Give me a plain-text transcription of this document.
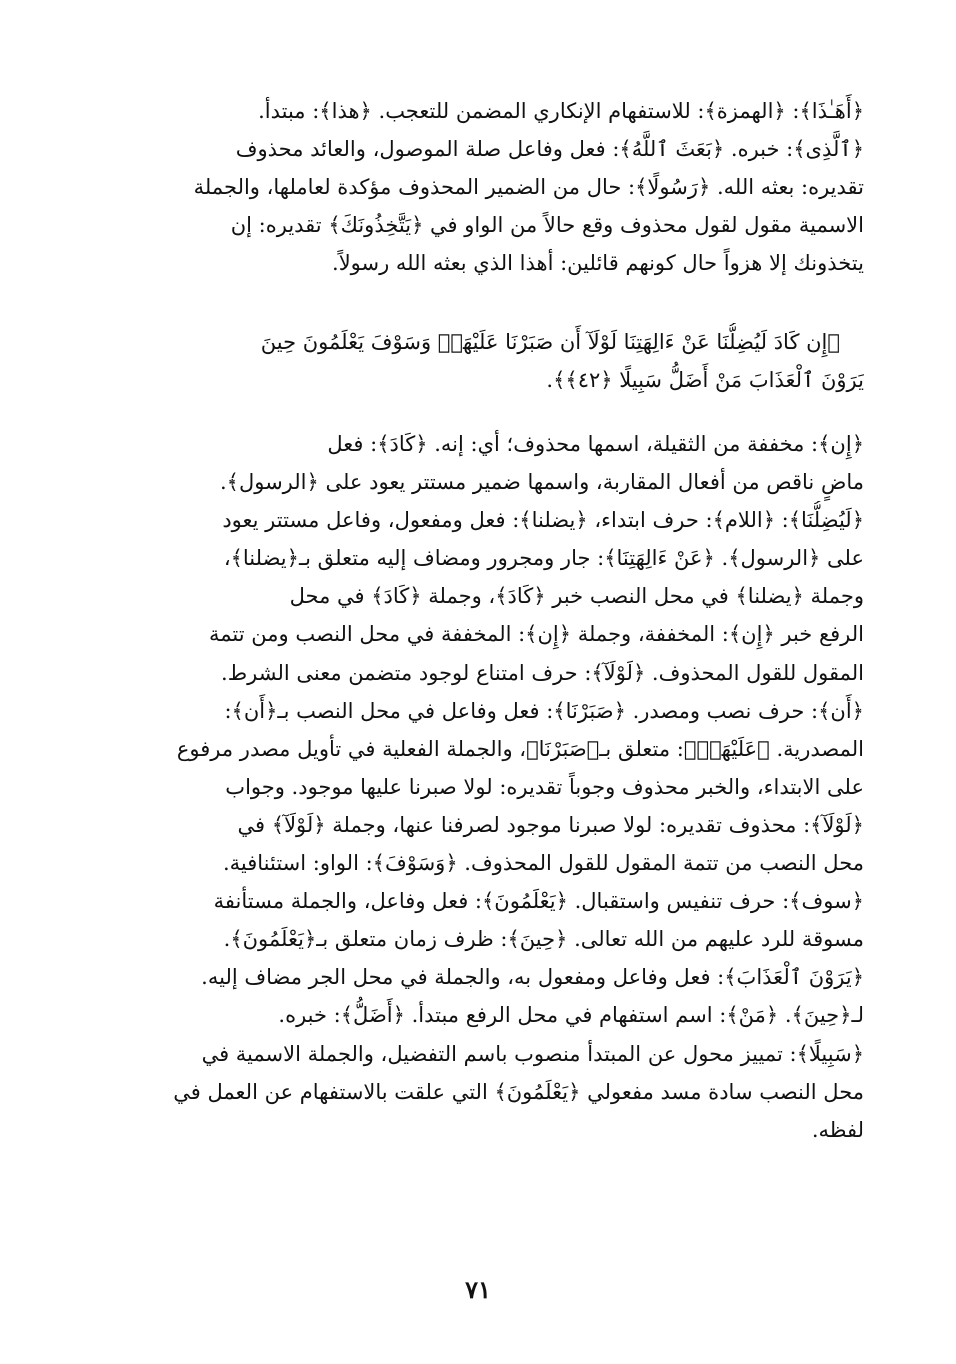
﴿أَهَـٰذَا﴾: ﴿الهمزة﴾: للاستفهام الإنكاري المضمن للتعجب. ﴿هذا﴾: مبتدأ.
﴿ٱلَّذِى﴾: خبره. ﴿بَعَثَ ٱللَّهُ﴾: فعل وفاعل صلة الموصول، والعائد محذوف
تقديره: بعثه الله. ﴿رَسُولًا﴾: حال من الضمير المحذوف مؤكدة لعاملها، والجملة
الاسمية مقول لقول محذوف وقع حالاً من الواو في ﴿يَتَّخِذُونَكَ﴾ تقديره: إن
يتخذونك إلا هزواً حال كونهم قائلين: أهذا الذي بعثه الله رسولاً.
﴿إِن كَادَ لَيُضِلُّنَا عَنْ ءَالِهَتِنَا لَوْلَآ أَن صَبَرْنَا عَلَيْهَاۚ وَسَوْفَ يَعْلَمُونَ حِينَ
يَرَوْنَ ٱلْعَذَابَ مَنْ أَضَلُّ سَبِيلًا ﴿٤٢﴾﴾.
﴿إِن﴾: مخففة من الثقيلة، اسمها محذوف؛ أي: إنه. ﴿كَادَ﴾: فعل
ماضٍ ناقص من أفعال المقاربة، واسمها ضمير مستتر يعود على ﴿الرسول﴾.
﴿لَيُضِلُّنَا﴾: ﴿اللام﴾: حرف ابتداء، ﴿يضلنا﴾: فعل ومفعول، وفاعل مستتر يعود
على ﴿الرسول﴾. ﴿عَنْ ءَالِهَتِنَا﴾: جار ومجرور ومضاف إليه متعلق بـ﴿يضلنا﴾،
وجملة ﴿يضلنا﴾ في محل النصب خبر ﴿كَادَ﴾، وجملة ﴿كَادَ﴾ في محل
الرفع خبر ﴿إِن﴾: المخففة، وجملة ﴿إِن﴾: المخففة في محل النصب ومن تتمة
المقول للقول المحذوف. ﴿لَوْلَآ﴾: حرف امتناع لوجود متضمن معنى الشرط.
﴿أَن﴾: حرف نصب ومصدر. ﴿صَبَرْنَا﴾: فعل وفاعل في محل النصب بـ﴿أَن﴾:
المصدرية. ﴿عَلَيْهَاۚ﴾: متعلق بـ﴿صَبَرْنَا﴾، والجملة الفعلية في تأويل مصدر مرفوع
على الابتداء، والخبر محذوف وجوباً تقديره: لولا صبرنا عليها موجود. وجواب
﴿لَوْلَآ﴾: محذوف تقديره: لولا صبرنا موجود لصرفنا عنها، وجملة ﴿لَوْلَآ﴾ في
محل النصب من تتمة المقول للقول المحذوف. ﴿وَسَوْفَ﴾: الواو: استئنافية.
﴿سوف﴾: حرف تنفيس واستقبال. ﴿يَعْلَمُونَ﴾: فعل وفاعل، والجملة مستأنفة
مسوقة للرد عليهم من الله تعالى. ﴿حِينَ﴾: ظرف زمان متعلق بـ﴿يَعْلَمُونَ﴾.
﴿يَرَوْنَ ٱلْعَذَابَ﴾: فعل وفاعل ومفعول به، والجملة في محل الجر مضاف إليه.
لـ﴿حِينَ﴾. ﴿مَنْ﴾: اسم استفهام في محل الرفع مبتدأ. ﴿أَضَلُّ﴾: خبره.
﴿سَبِيلًا﴾: تمييز محول عن المبتدأ منصوب باسم التفضيل، والجملة الاسمية في
محل النصب سادة مسد مفعولي ﴿يَعْلَمُونَ﴾ التي علقت بالاستفهام عن العمل في
لفظه.
٧١
